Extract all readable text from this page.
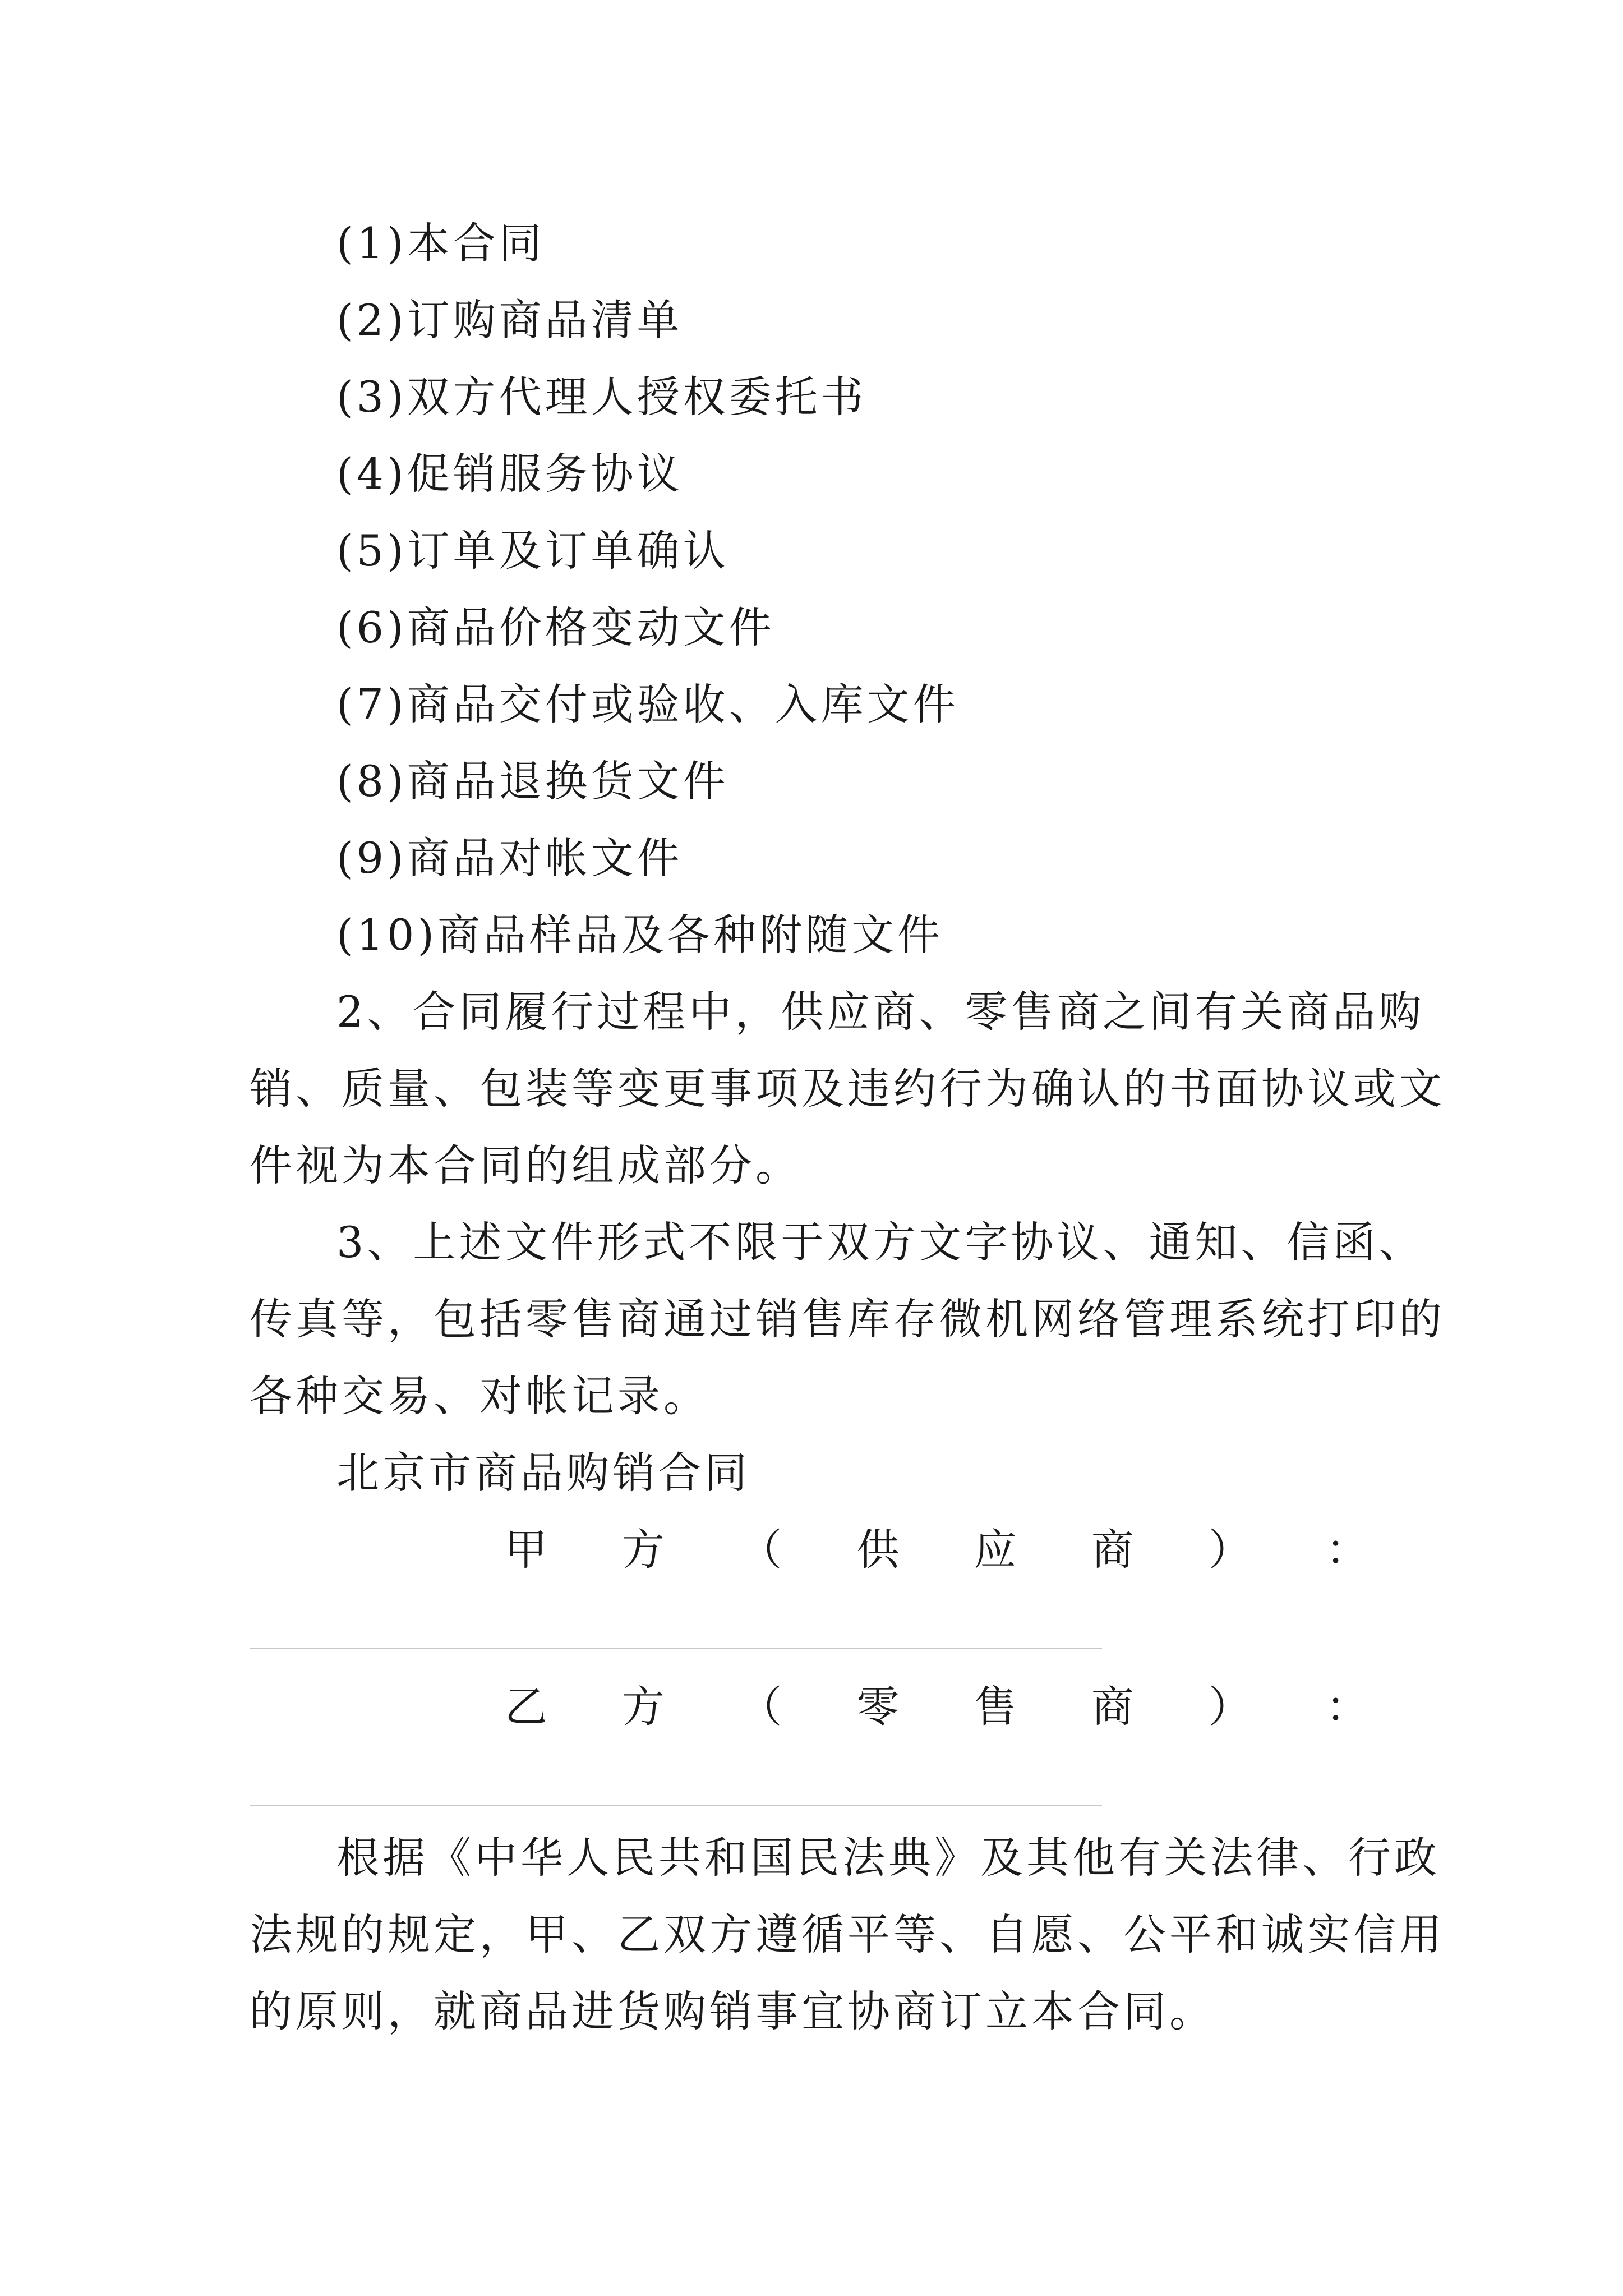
(1)本合同
(2)订购商品清单
(3)双方代理人授权委托书
(4)促销服务协议
(5)订单及订单确认
(6)商品价格变动文件
(7)商品交付或验收、入库文件
(8)商品退换货文件
(9)商品对帐文件
(10)商品样品及各种附随文件
2、合同履行过程中，供应商、零售商之间有关商品购
销、质量、包装等变更事项及违约行为确认的书面协议或文
件视为本合同的组成部分。
3、上述文件形式不限于双方文字协议、通知、信函、
传真等，包括零售商通过销售库存微机网络管理系统打印的
各种交易、对帐记录。
北京市商品购销合同
甲 方 （ 供 应 商 ） ：
乙 方 （ 零 售 商 ） ：
根据《中华人民共和国民法典》及其他有关法律、行政
法规的规定，甲、乙双方遵循平等、自愿、公平和诚实信用
的原则，就商品进货购销事宜协商订立本合同。
